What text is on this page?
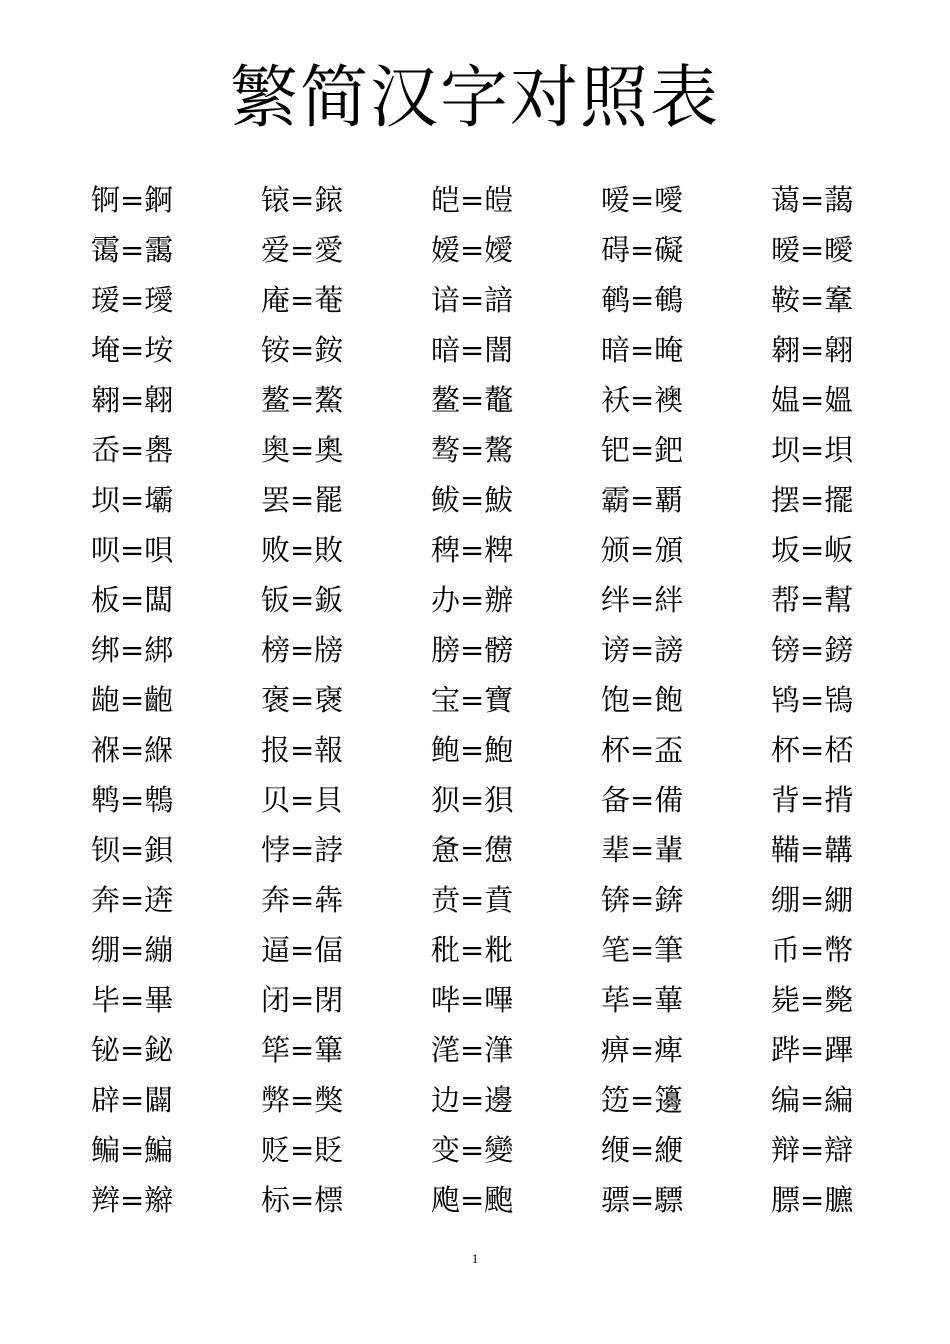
繁简汉字对照表
锕=錒	锿=鎄	皑=皚	嗳=噯	蔼=藹
霭=靄	爱=愛	嫒=嬡	碍=礙	暧=曖
瑷=璦	庵=菴	谙=諳	鹌=鵪	鞍=鞌
埯=垵	铵=銨	暗=闇	暗=晻	翱=翶
翱=翺	鳌=鰲	鳌=鼇	袄=襖	媪=媼
岙=嶴	奥=奧	骜=驁	钯=鈀	坝=垻
坝=壩	罢=罷	鲅=鮁	霸=覇	摆=擺
呗=唄	败=敗	稗=粺	颁=頒	坂=岅
板=闆	钣=鈑	办=辦	绊=絆	帮=幫
绑=綁	榜=牓	膀=髈	谤=謗	镑=鎊
龅=齙	褒=襃	宝=寶	饱=飽	鸨=鴇
褓=緥	报=報	鲍=鮑	杯=盃	杯=桮
鹎=鵯	贝=貝	狈=狽	备=備	背=揹
钡=鋇	悖=誖	惫=憊	辈=輩	鞴=韝
奔=逩	奔=犇	贲=賁	锛=錛	绷=綳
绷=繃	逼=偪	秕=粃	笔=筆	币=幣
毕=畢	闭=閉	哔=嗶	荜=蓽	毙=斃
铋=鉍	筚=篳	滗=潷	痹=痺	跸=蹕
辟=闢	弊=獘	边=邊	笾=籩	编=編
鳊=鯿	贬=貶	变=變	缏=緶	辩=辯
辫=辮	标=標	飑=颮	骠=驃	膘=臕
1
